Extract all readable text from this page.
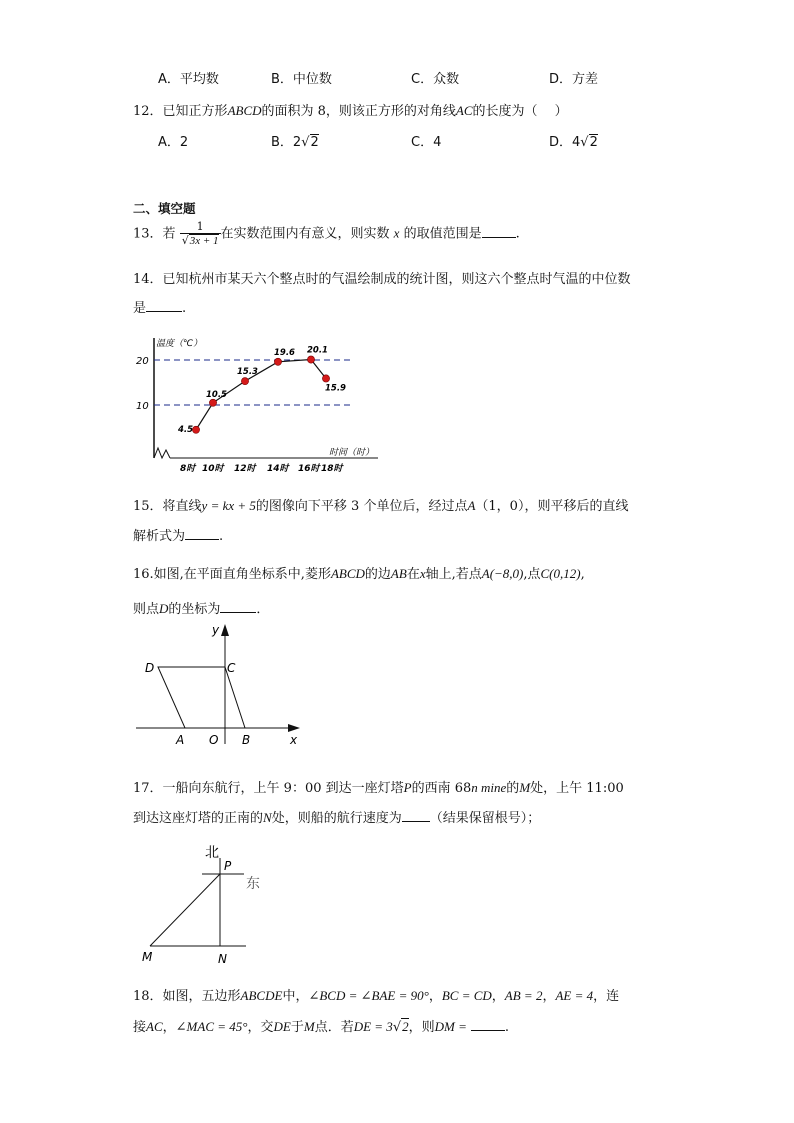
A．平均数	B．中位数	C．众数	D．方差
12．已知正方形ABCD的面积为 8，则该正方形的对角线AC的长度为（　 ）
A．2	B．2√2	C．4	D．4√2
二、填空题
13．若 $\frac{1}{√3x + 1}$ 在实数范围内有意义，则实数 x 的取值范围是	.
14．已知杭州市某天六个整点时的气温绘制成的统计图，则这六个整点时气温的中位数
是	.
温度（℃）
时间（时）
10
20
4.5
10.5
15.3
19.6 20.1
15.9
8时 10时 12时 14时 16时 18时
15．将直线y = kx + 5的图像向下平移 3 个单位后，经过点A（1，0），则平移后的直线
解析式为	.
16.如图,在平面直角坐标系中,菱形ABCD的边AB在x轴上,若点A(−8,0),点C(0,12),
则点D的坐标为	．
y
x
D	C
A O B
17．一船向东航行，上午 9：00 到达一座灯塔P的西南 68n mine的M处，上午 11:00
到达这座灯塔的正南的N处，则船的航行速度为 （结果保留根号）；
北
P
东
M	N
18．如图，五边形ABCDE中，∠BCD = ∠BAE = 90°，BC = CD，AB = 2，AE = 4，连
接AC，∠MAC = 45°，交DE于M点．若DE = 3√2，则DM =	.
